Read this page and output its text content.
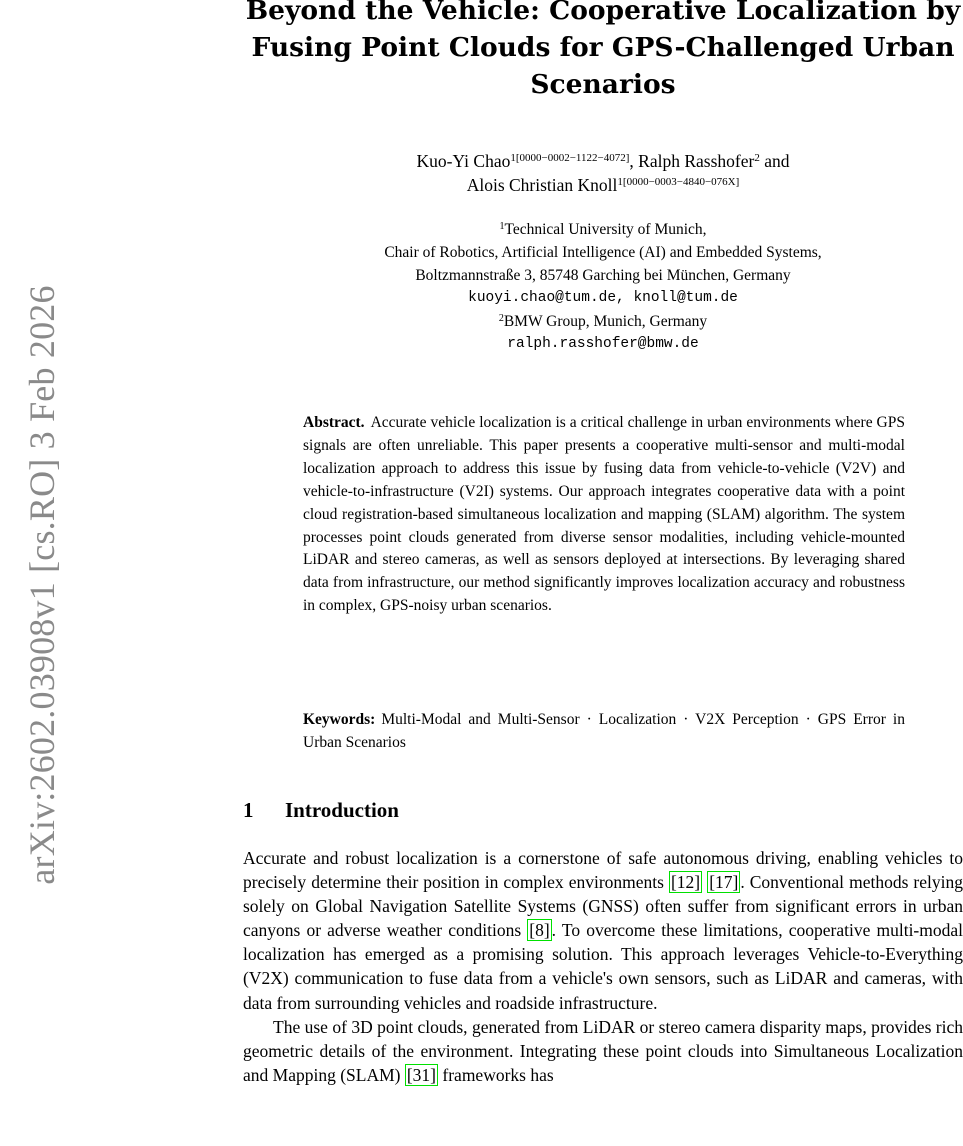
arXiv:2602.03908v1 [cs.RO] 3 Feb 2026
Beyond the Vehicle: Cooperative Localization by
Fusing Point Clouds for GPS-Challenged Urban
Scenarios
Kuo-Yi Chao$^{1[0000-0002-1122-4072]}$, Ralph Rasshofer$^2$ and
Alois Christian Knoll$^{1[0000-0003-4840-076X]}$
$^1$Technical University of Munich,
Chair of Robotics, Artificial Intelligence (AI) and Embedded Systems,
Boltzmannstraße 3, 85748 Garching bei München, Germany
kuoyi.chao@tum.de, knoll@tum.de
$^2$BMW Group, Munich, Germany
ralph.rasshofer@bmw.de
Abstract. Accurate vehicle localization is a critical challenge in urban environments where GPS signals are often unreliable. This paper presents a cooperative multi-sensor and multi-modal localization approach to address this issue by fusing data from vehicle-to-vehicle (V2V) and vehicle-to-infrastructure (V2I) systems. Our approach integrates cooperative data with a point cloud registration-based simultaneous localization and mapping (SLAM) algorithm. The system processes point clouds generated from diverse sensor modalities, including vehicle-mounted LiDAR and stereo cameras, as well as sensors deployed at intersections. By leveraging shared data from infrastructure, our method significantly improves localization accuracy and robustness in complex, GPS-noisy urban scenarios.
Keywords: Multi-Modal and Multi-Sensor · Localization · V2X Perception · GPS Error in Urban Scenarios
1 Introduction

Accurate and robust localization is a cornerstone of safe autonomous driving, enabling vehicles to precisely determine their position in complex environments [12] [17] . Conventional methods relying solely on Global Navigation Satellite Systems (GNSS) often suffer from significant errors in urban canyons or adverse weather conditions [8] . To overcome these limitations, cooperative multi-modal localization has emerged as a promising solution. This approach leverages Vehicle-to-Everything (V2X) communication to fuse data from a vehicle's own sensors, such as LiDAR and cameras, with data from surrounding vehicles and roadside infrastructure.

The use of 3D point clouds, generated from LiDAR or stereo camera disparity maps, provides rich geometric details of the environment. Integrating these point clouds into Simultaneous Localization and Mapping (SLAM) [31] frameworks has
